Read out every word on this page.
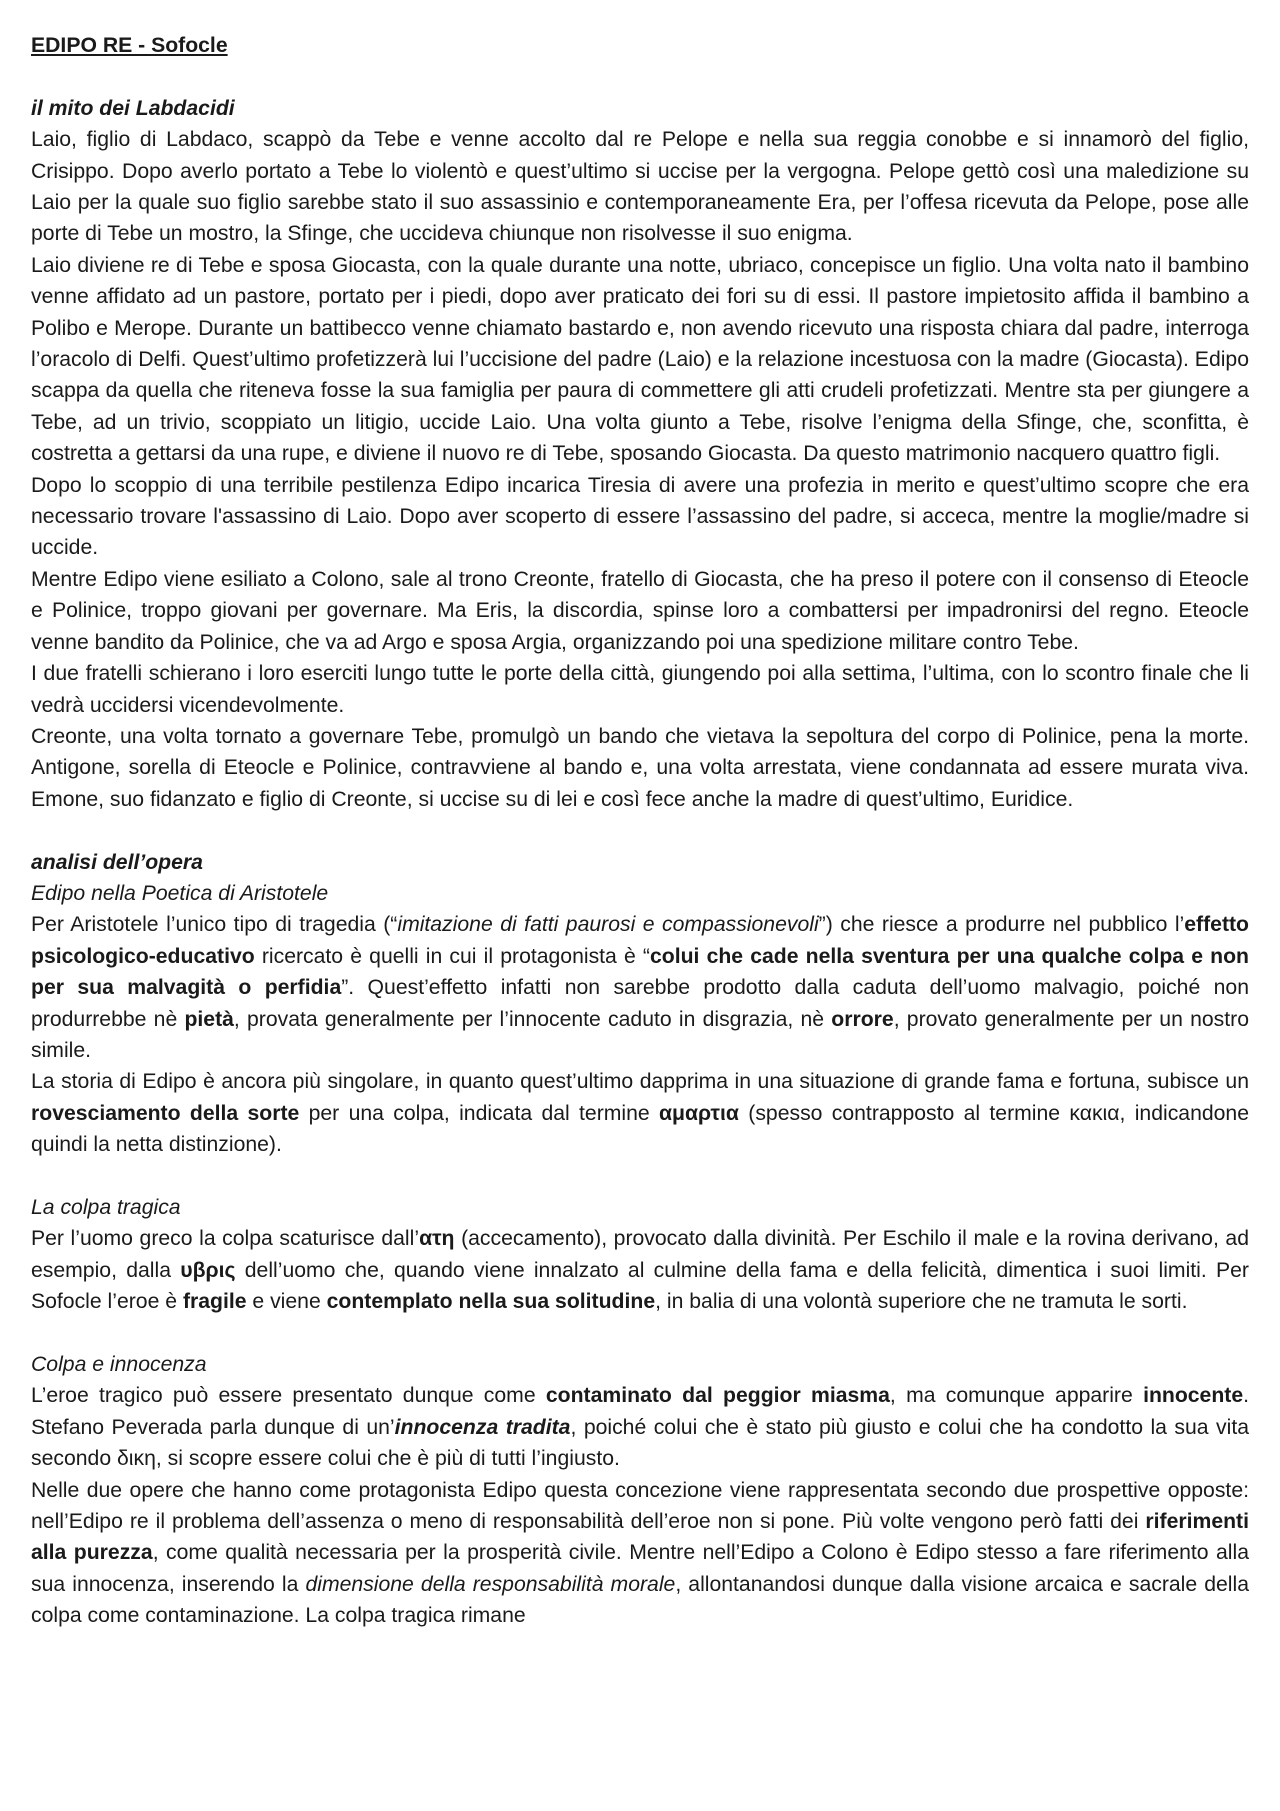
EDIPO RE - Sofocle

il mito dei Labdacidi

Laio, figlio di Labdaco, scappò da Tebe e venne accolto dal re Pelope e nella sua reggia conobbe e si innamorò del figlio, Crisippo. Dopo averlo portato a Tebe lo violentò e quest’ultimo si uccise per la vergogna. Pelope gettò così una maledizione su Laio per la quale suo figlio sarebbe stato il suo assassinio e contemporaneamente Era, per l’offesa ricevuta da Pelope, pose alle porte di Tebe un mostro, la Sfinge, che uccideva chiunque non risolvesse il suo enigma.

Laio diviene re di Tebe e sposa Giocasta, con la quale durante una notte, ubriaco, concepisce un figlio. Una volta nato il bambino venne affidato ad un pastore, portato per i piedi, dopo aver praticato dei fori su di essi. Il pastore impietosito affida il bambino a Polibo e Merope. Durante un battibecco venne chiamato bastardo e, non avendo ricevuto una risposta chiara dal padre, interroga l’oracolo di Delfi. Quest’ultimo profetizzerà lui l’uccisione del padre (Laio) e la relazione incestuosa con la madre (Giocasta). Edipo scappa da quella che riteneva fosse la sua famiglia per paura di commettere gli atti crudeli profetizzati. Mentre sta per giungere a Tebe, ad un trivio, scoppiato un litigio, uccide Laio. Una volta giunto a Tebe, risolve l’enigma della Sfinge, che, sconfitta, è costretta a gettarsi da una rupe, e diviene il nuovo re di Tebe, sposando Giocasta. Da questo matrimonio nacquero quattro figli.

Dopo lo scoppio di una terribile pestilenza Edipo incarica Tiresia di avere una profezia in merito e quest’ultimo scopre che era necessario trovare l'assassino di Laio. Dopo aver scoperto di essere l’assassino del padre, si acceca, mentre la moglie/madre si uccide.

Mentre Edipo viene esiliato a Colono, sale al trono Creonte, fratello di Giocasta, che ha preso il potere con il consenso di Eteocle e Polinice, troppo giovani per governare. Ma Eris, la discordia, spinse loro a combattersi per impadronirsi del regno. Eteocle venne bandito da Polinice, che va ad Argo e sposa Argia, organizzando poi una spedizione militare contro Tebe.

I due fratelli schierano i loro eserciti lungo tutte le porte della città, giungendo poi alla settima, l’ultima, con lo scontro finale che li vedrà uccidersi vicendevolmente.

Creonte, una volta tornato a governare Tebe, promulgò un bando che vietava la sepoltura del corpo di Polinice, pena la morte. Antigone, sorella di Eteocle e Polinice, contravviene al bando e, una volta arrestata, viene condannata ad essere murata viva. Emone, suo fidanzato e figlio di Creonte, si uccise su di lei e così fece anche la madre di quest’ultimo, Euridice.

analisi dell’opera

Edipo nella Poetica di Aristotele

Per Aristotele l’unico tipo di tragedia (“imitazione di fatti paurosi e compassionevoli”) che riesce a produrre nel pubblico l’effetto psicologico-educativo ricercato è quelli in cui il protagonista è “colui che cade nella sventura per una qualche colpa e non per sua malvagità o perfidia”. Quest’effetto infatti non sarebbe prodotto dalla caduta dell’uomo malvagio, poiché non produrrebbe nè pietà, provata generalmente per l’innocente caduto in disgrazia, nè orrore, provato generalmente per un nostro simile.

La storia di Edipo è ancora più singolare, in quanto quest’ultimo dapprima in una situazione di grande fama e fortuna, subisce un rovesciamento della sorte per una colpa, indicata dal termine αμαρτια (spesso contrapposto al termine κακια, indicandone quindi la netta distinzione).

La colpa tragica

Per l’uomo greco la colpa scaturisce dall’ατη (accecamento), provocato dalla divinità. Per Eschilo il male e la rovina derivano, ad esempio, dalla υβρις dell’uomo che, quando viene innalzato al culmine della fama e della felicità, dimentica i suoi limiti. Per Sofocle l’eroe è fragile e viene contemplato nella sua solitudine, in balia di una volontà superiore che ne tramuta le sorti.

Colpa e innocenza

L’eroe tragico può essere presentato dunque come contaminato dal peggior miasma, ma comunque apparire innocente. Stefano Peverada parla dunque di un’innocenza tradita, poiché colui che è stato più giusto e colui che ha condotto la sua vita secondo δικη, si scopre essere colui che è più di tutti l’ingiusto.

Nelle due opere che hanno come protagonista Edipo questa concezione viene rappresentata secondo due prospettive opposte: nell’Edipo re il problema dell’assenza o meno di responsabilità dell’eroe non si pone. Più volte vengono però fatti dei riferimenti alla purezza, come qualità necessaria per la prosperità civile. Mentre nell’Edipo a Colono è Edipo stesso a fare riferimento alla sua innocenza, inserendo la dimensione della responsabilità morale, allontanandosi dunque dalla visione arcaica e sacrale della colpa come contaminazione. La colpa tragica rimane
